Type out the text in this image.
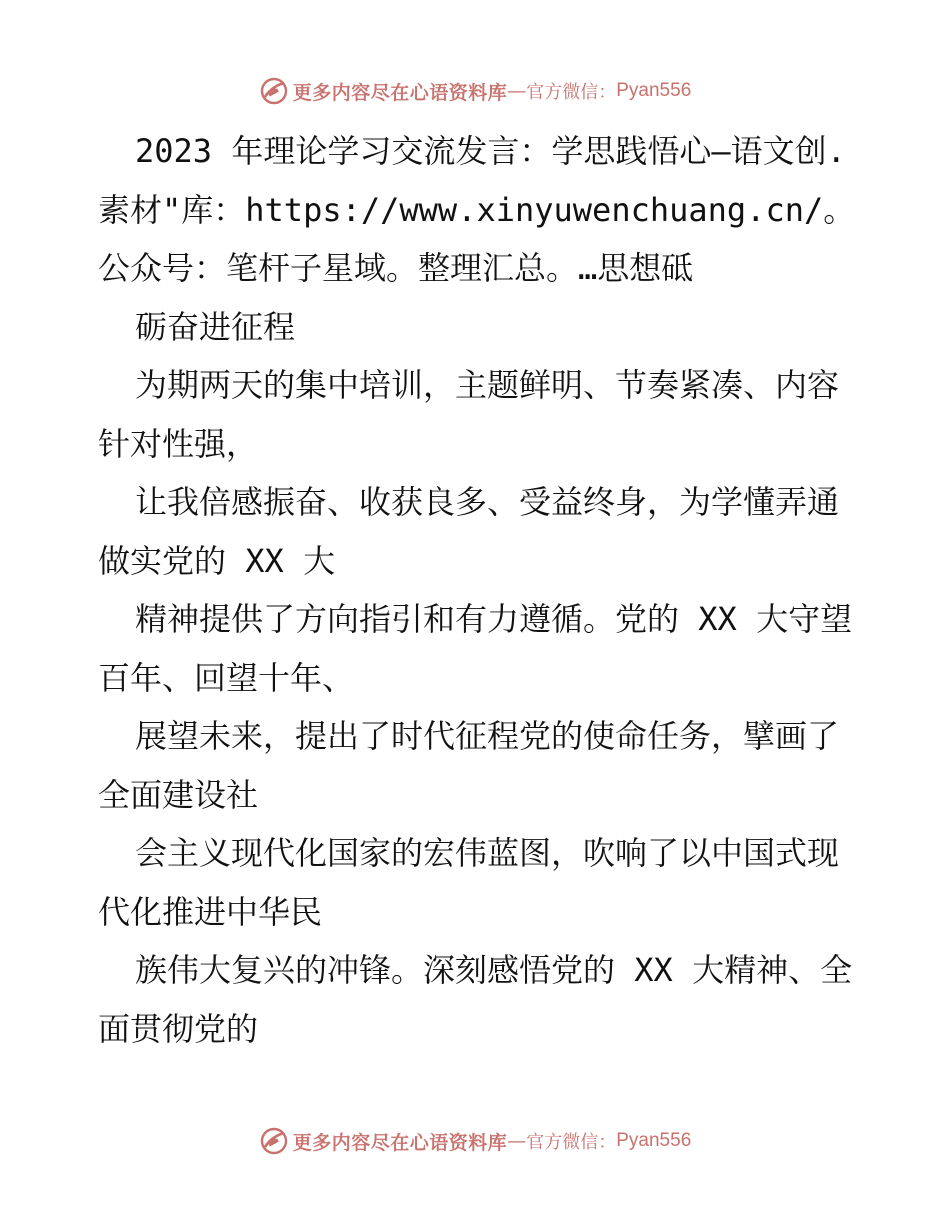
更多内容尽在心语资料库 — 官方微信： Pyan556

2023 年理论学习交流发言：学思践悟心—语文创.素材"库：https://www.xinyuwenchuang.cn/。公众号：笔杆子星域。整理汇总。…思想砥

砺奋进征程

为期两天的集中培训，主题鲜明、节奏紧凑、内容针对性强，

让我倍感振奋、收获良多、受益终身，为学懂弄通做实党的 XX 大

精神提供了方向指引和有力遵循。党的 XX 大守望百年、回望十年、

展望未来，提出了时代征程党的使命任务，擘画了全面建设社

会主义现代化国家的宏伟蓝图，吹响了以中国式现代化推进中华民

族伟大复兴的冲锋。深刻感悟党的 XX 大精神、全面贯彻党的

更多内容尽在心语资料库 — 官方微信： Pyan556
